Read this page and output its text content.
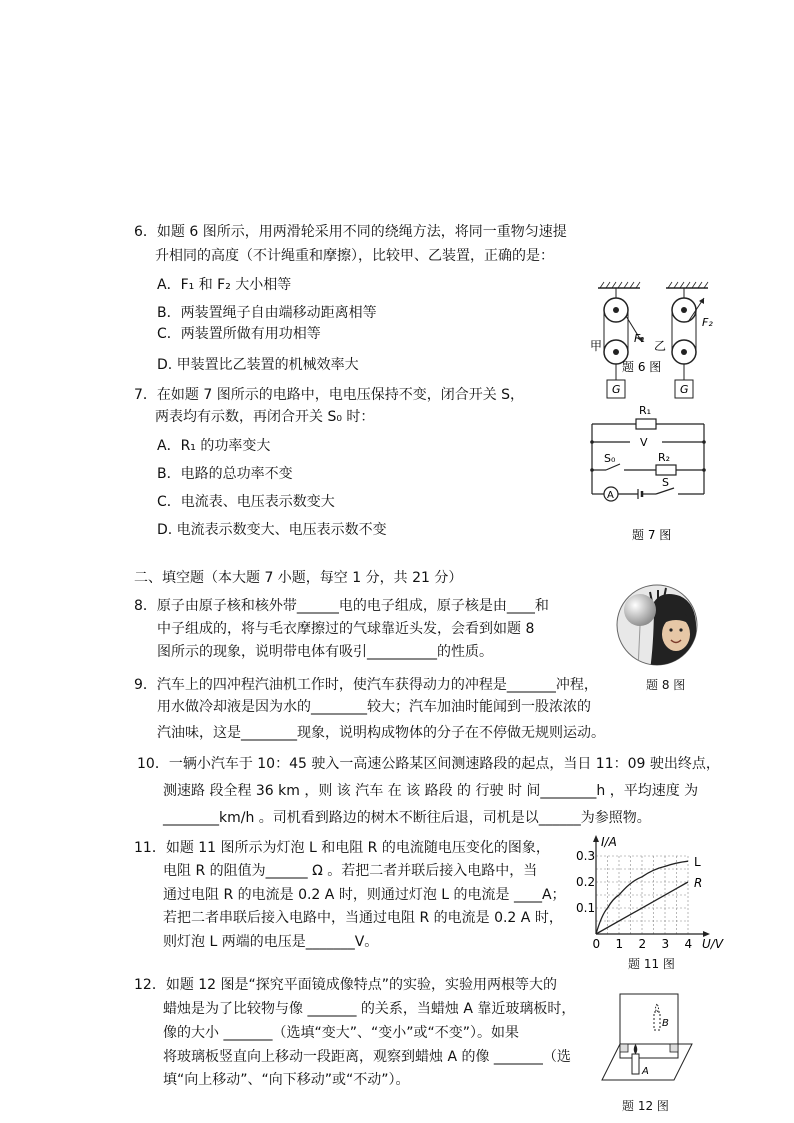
6．如题 6 图所示，用两滑轮采用不同的绕绳方法，将同一重物匀速提
升相同的高度（不计绳重和摩擦），比较甲、乙装置，正确的是：
A．F₁ 和 F₂ 大小相等
B．两装置绳子自由端移动距离相等
C．两装置所做有用功相等
D. 甲装置比乙装置的机械效率大
甲	乙
F₁
F₂
G	G
题 6 图
7．在如题 7 图所示的电路中，电电压保持不变，闭合开关 S，
两表均有示数，再闭合开关 S₀ 时：
A．R₁ 的功率变大
B．电路的总功率不变
C．电流表、电压表示数变大
D. 电流表示数变大、电压表示数不变
R₁
V
S₀	R₂
A
S
题 7 图
二、填空题（本大题 7 小题，每空 1 分，共 21 分）
8．原子由原子核和核外带______电的电子组成，原子核是由____和
中子组成的，将与毛衣摩擦过的气球靠近头发，会看到如题 8
图所示的现象，说明带电体有吸引__________的性质。
题 8 图
9．汽车上的四冲程汽油机工作时，使汽车获得动力的冲程是_______冲程，
用水做冷却液是因为水的________较大；汽车加油时能闻到一股浓浓的
汽油味，这是________现象，说明构成物体的分子在不停做无规则运动。
10．一辆小汽车于 10：45 驶入一高速公路某区间测速路段的起点，当日 11：09 驶出终点，
测速路 段全程 36 km ，则 该 汽车 在 该 路段 的 行驶 时 间________h ，平均速度 为
________km/h 。司机看到路边的树木不断往后退，司机是以______为参照物。
11．如题 11 图所示为灯泡 L 和电阻 R 的电流随电压变化的图象，
电阻 R 的阻值为______ Ω 。若把二者并联后接入电路中，当
通过电阻 R 的电流是 0.2 A 时，则通过灯泡 L 的电流是 ____A；
若把二者串联后接入电路中，当通过电阻 R 的电流是 0.2 A 时，
则灯泡 L 两端的电压是_______V。	U/V
I/A
0 1 2 3 4
0.1
0.2
0.3	L
R
题 11 图
12．如题 12 图是“探究平面镜成像特点”的实验，实验用两根等大的
蜡烛是为了比较物与像 _______ 的关系，当蜡烛 A 靠近玻璃板时，
像的大小 _______（选填“变大”、“变小”或“不变”）。如果
将玻璃板竖直向上移动一段距离，观察到蜡烛 A 的像 _______（选
填“向上移动”、“向下移动”或“不动”）。
B
A
题 12 图
